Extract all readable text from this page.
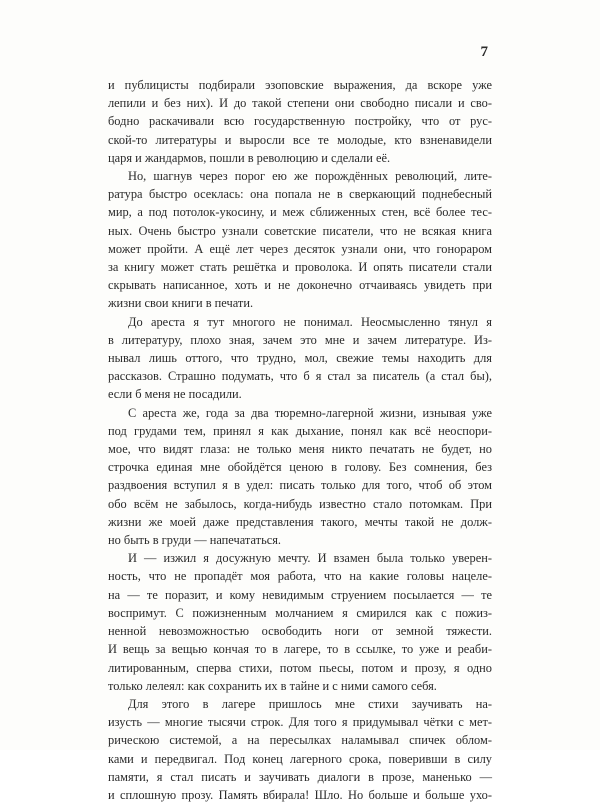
7

и публицисты подбирали эзоповские выражения, да вскоре уже
лепили и без них). И до такой степени они свободно писали и сво-
бодно раскачивали всю государственную постройку, что от рус-
ской-то литературы и выросли все те молодые, кто взненавидели
царя и жандармов, пошли в революцию и сделали её.

Но, шагнув через порог ею же порождённых революций, лите-
ратура быстро осеклась: она попала не в сверкающий поднебесный
мир, а под потолок-укосину, и меж сближенных стен, всё более тес-
ных. Очень быстро узнали советские писатели, что не всякая книга
может пройти. А ещё лет через десяток узнали они, что гонораром
за книгу может стать решётка и проволока. И опять писатели стали
скрывать написанное, хоть и не доконечно отчаиваясь увидеть при
жизни свои книги в печати.

До ареста я тут многого не понимал. Неосмысленно тянул я
в литературу, плохо зная, зачем это мне и зачем литературе. Из-
нывал лишь оттого, что трудно, мол, свежие темы находить для
рассказов. Страшно подумать, что б я стал за писатель (а стал бы),
если б меня не посадили.

С ареста же, года за два тюремно-лагерной жизни, изнывая уже
под грудами тем, принял я как дыхание, понял как всё неоспори-
мое, что видят глаза: не только меня никто печатать не будет, но
строчка единая мне обойдётся ценою в голову. Без сомнения, без
раздвоения вступил я в удел: писать только для того, чтоб об этом
обо всём не забылось, когда-нибудь известно стало потомкам. При
жизни же моей даже представления такого, мечты такой не долж-
но быть в груди — напечататься.

И — изжил я досужную мечту. И взамен была только уверен-
ность, что не пропадёт моя работа, что на какие головы нацеле-
на — те поразит, и кому невидимым струением посылается — те
воспримут. С пожизненным молчанием я смирился как с пожиз-
ненной невозможностью освободить ноги от земной тяжести.
И вещь за вещью кончая то в лагере, то в ссылке, то уже и реаби-
литированным, сперва стихи, потом пьесы, потом и прозу, я одно
только лелеял: как сохранить их в тайне и с ними самого себя.

Для этого в лагере пришлось мне стихи заучивать на-
изусть — многие тысячи строк. Для того я придумывал чётки с мет-
рическою системой, а на пересылках наламывал спичек облом-
ками и передвигал. Под конец лагерного срока, поверивши в силу
памяти, я стал писать и заучивать диалоги в прозе, маненько —
и сплошную прозу. Память вбирала! Шло. Но больше и больше ухо-
